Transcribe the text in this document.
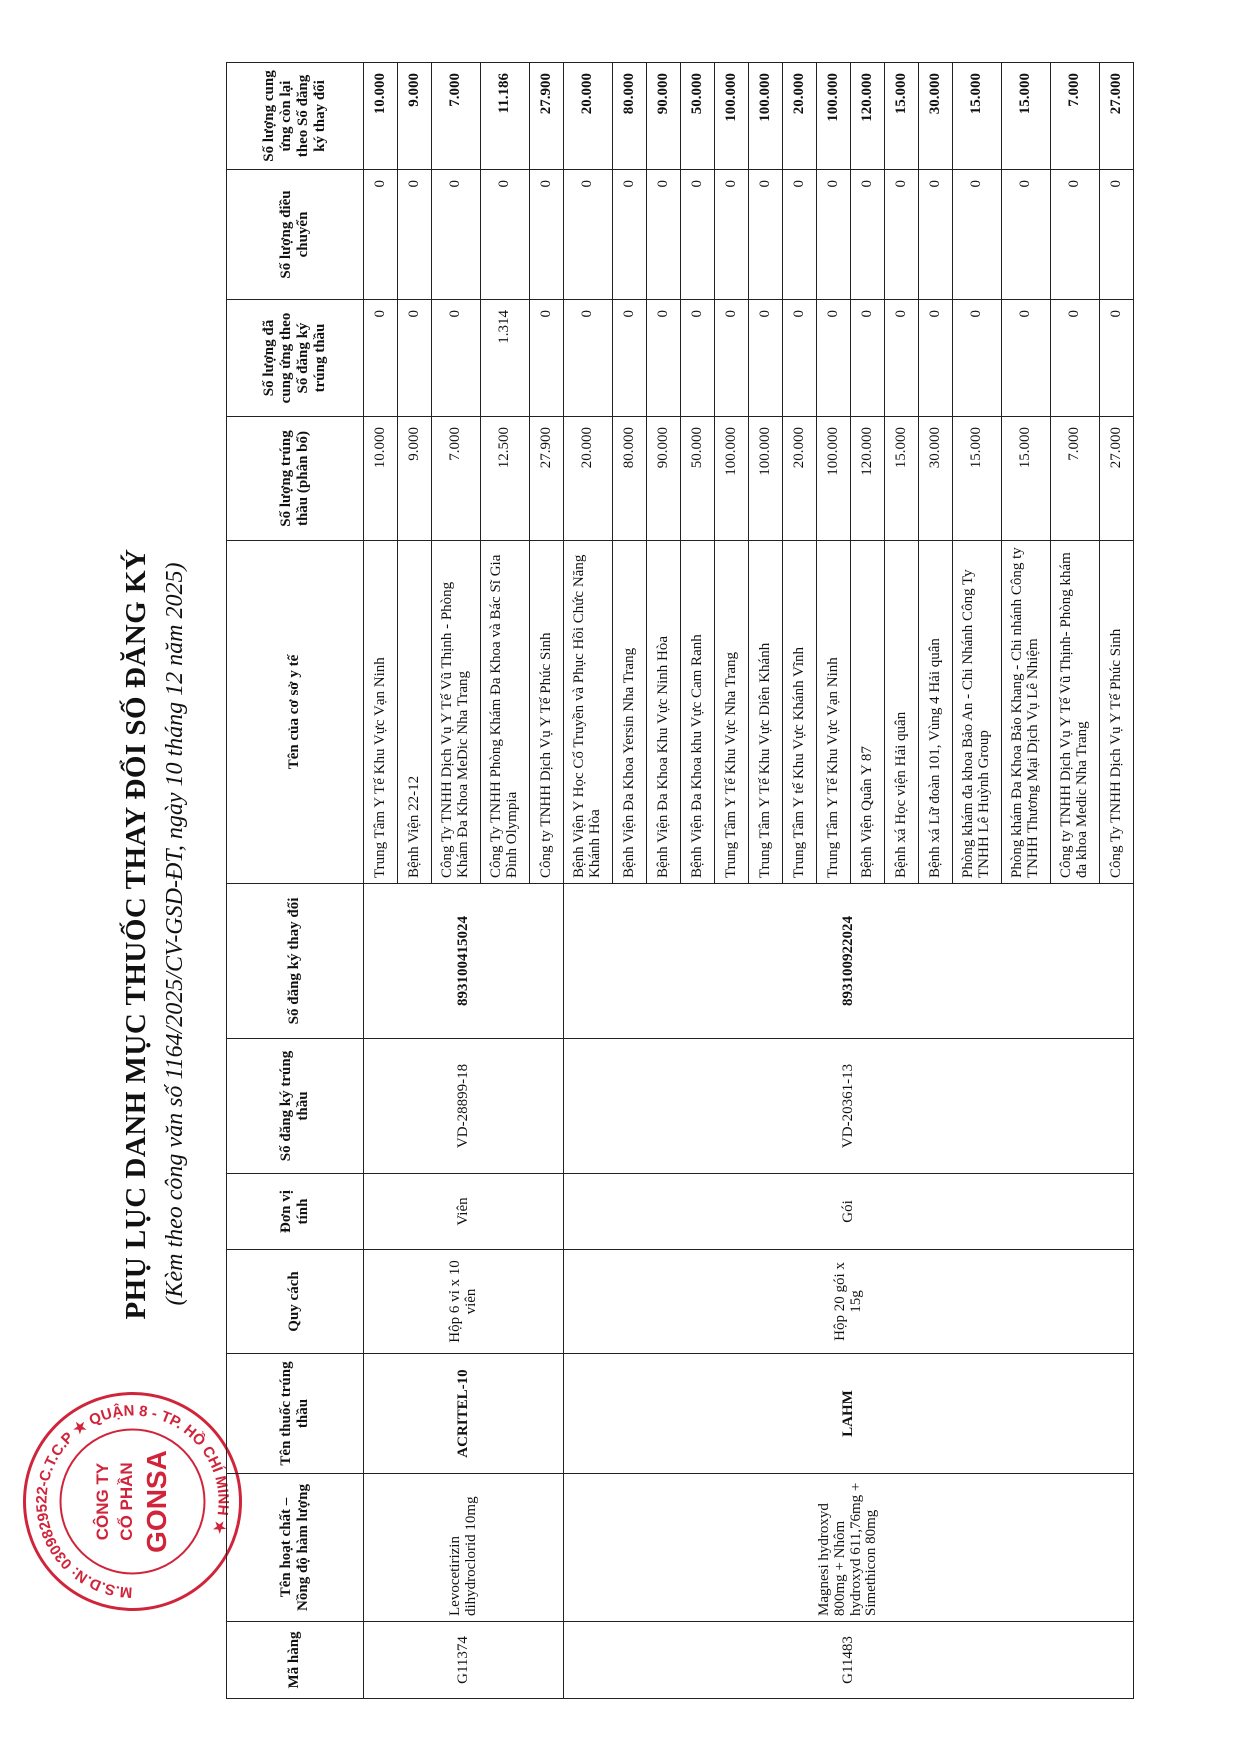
M.S.D.N: 0309829522-C.T.C.P ★ QUẬN 8 - TP. HỒ CHÍ MINH ★
CÔNG TY CỔ PHẦN GONSA
PHỤ LỤC DANH MỤC THUỐC THAY ĐỔI SỐ ĐĂNG KÝ (Kèm theo công văn số 1164/2025/CV-GSD-ĐT, ngày 10 tháng 12 năm 2025)
Mã hàng	Tên hoạt chất – Nồng độ hàm lượng	Tên thuốc trúng thầu	Quy cách	Đơn vị tính	Số đăng ký trúng thầu	Số đăng ký thay đổi	Tên của cơ sở y tế	Số lượng trúng thầu (phân bổ)	Số lượng đã cung ứng theo Số đăng ký trúng thầu	Số lượng điều chuyển	Số lượng cung ứng còn lại theo Số đăng ký thay đổi
G11374	Levocetirizin dihydroclorid 10mg	ACRITEL-10	Hộp 6 vỉ x 10 viên	Viên	VD-28899-18	893100415024	Trung Tâm Y Tế Khu Vực Vạn Ninh	10.000	0	0	10.000
							Bệnh Viện 22-12	9.000	0	0	9.000
							Công Ty TNHH Dịch Vụ Y Tế Vũ Thịnh - Phòng Khám Đa Khoa MeDic Nha Trang	7.000	0	0	7.000
							Công Ty TNHH Phòng Khám Đa Khoa và Bác Sĩ Gia Đình Olympia	12.500	1.314	0	11.186
							Công ty TNHH Dịch Vụ Y Tế Phúc Sinh	27.900	0	0	27.900
G11483	Magnesi hydroxyd 800mg + Nhôm hydroxyd 611,76mg + Simethicon 80mg	LAHM	Hộp 20 gói x 15g	Gói	VD-20361-13	893100922024	Bệnh Viện Y Học Cổ Truyền và Phục Hồi Chức Năng Khánh Hòa	20.000	0	0	20.000
							Bệnh Viện Đa Khoa Yersin Nha Trang	80.000	0	0	80.000
							Bệnh Viện Đa Khoa Khu Vực Ninh Hòa	90.000	0	0	90.000
							Bệnh Viện Đa Khoa khu Vực Cam Ranh	50.000	0	0	50.000
							Trung Tâm Y Tế Khu Vực Nha Trang	100.000	0	0	100.000
							Trung Tâm Y Tế Khu Vực Diên Khánh	100.000	0	0	100.000
							Trung Tâm Y tế Khu Vực Khánh Vĩnh	20.000	0	0	20.000
							Trung Tâm Y Tế Khu Vực Vạn Ninh	100.000	0	0	100.000
							Bệnh Viện Quân Y 87	120.000	0	0	120.000
							Bệnh xá Học viện Hải quân	15.000	0	0	15.000
							Bệnh xá Lữ đoàn 101, Vùng 4 Hải quân	30.000	0	0	30.000
							Phòng khám đa khoa Bảo An - Chi Nhánh Công Ty TNHH Lê Huỳnh Group	15.000	0	0	15.000
							Phòng khám Đa Khoa Bảo Khang - Chi nhánh Công ty TNHH Thương Mại Dịch Vụ Lê Nhiệm	15.000	0	0	15.000
							Công ty TNHH Dịch Vụ Y Tế Vũ Thịnh- Phòng khám đa khoa Medic Nha Trang	7.000	0	0	7.000
							Công Ty TNHH Dịch Vụ Y Tế Phúc Sinh	27.000	0	0	27.000
